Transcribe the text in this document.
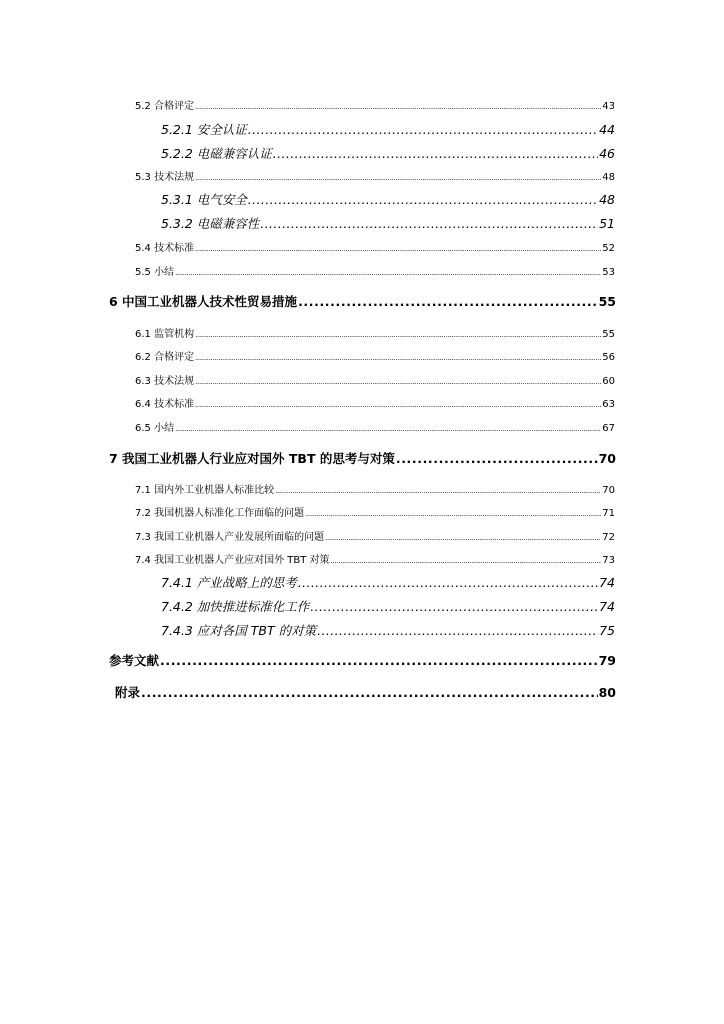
5.2 合格评定 .....	43
5.2.1 安全认证 .....	44
5.2.2 电磁兼容认证 .....	46
5.3 技术法规 .....	48
5.3.1 电气安全 .....	48
5.3.2 电磁兼容性 .....	51
5.4 技术标准 .....	52
5.5 小结 .....	53
6 中国工业机器人技术性贸易措施 .....	55
6.1 监管机构 .....	55
6.2 合格评定 .....	56
6.3 技术法规 .....	60
6.4 技术标准 .....	63
6.5 小结 .....	67
7 我国工业机器人行业应对国外 TBT 的思考与对策 .....	70
7.1 国内外工业机器人标准比较 .....	70
7.2 我国机器人标准化工作面临的问题 .....	71
7.3 我国工业机器人产业发展所面临的问题 .....	72
7.4 我国工业机器人产业应对国外 TBT 对策 .....	73
7.4.1 产业战略上的思考 .....	74
7.4.2 加快推进标准化工作 .....	74
7.4.3 应对各国 TBT 的对策 .....	75
参考文献 .....	79
附录 .....	80
